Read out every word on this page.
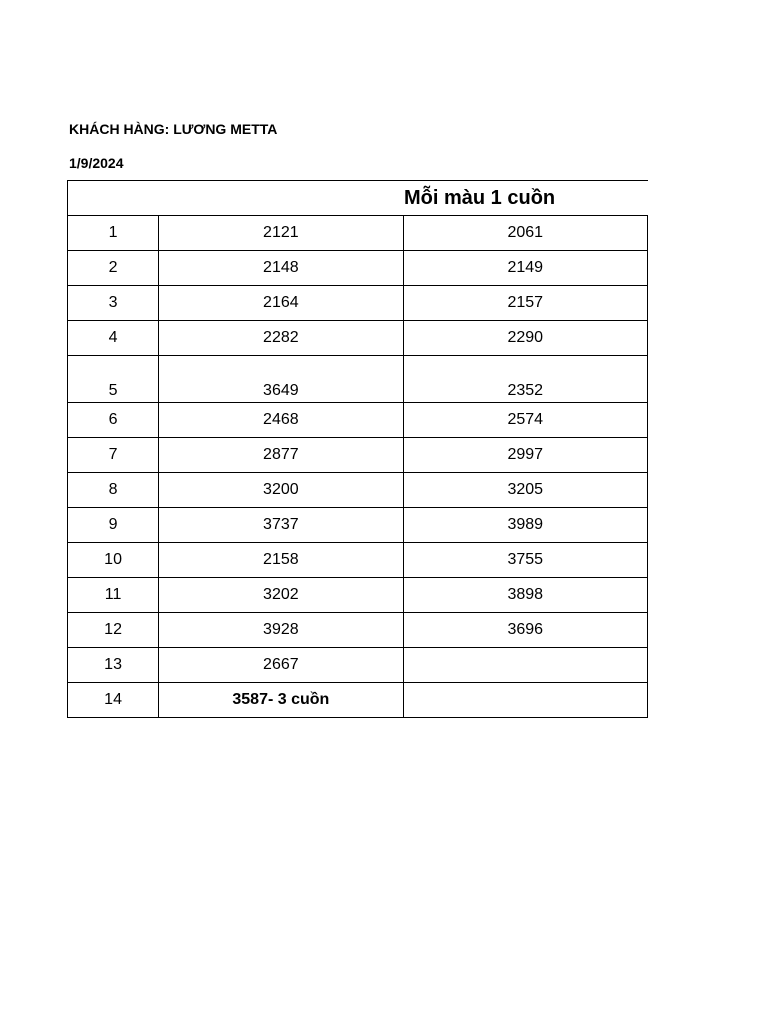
KHÁCH HÀNG: LƯƠNG METTA
1/9/2024
Mỗi màu 1 cuồn		
1	2121	2061
2	2148	2149
3	2164	2157
4	2282	2290
5	3649	2352
6	2468	2574
7	2877	2997
8	3200	3205
9	3737	3989
10	2158	3755
11	3202	3898
12	3928	3696
13	2667	
14	3587- 3 cuồn	
